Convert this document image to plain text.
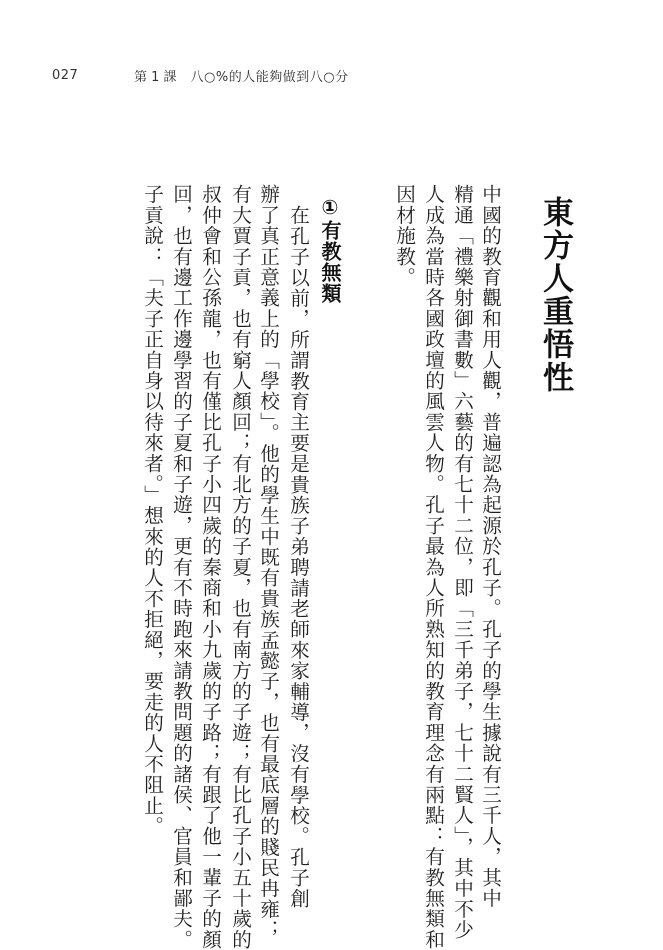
027	第 1 課 八○%的人能夠做到八○分
東方人重悟性
中國的教育觀和用人觀，普遍認為起源於孔子。孔子的學生據說有三千人，其中
精通「禮樂射御書數」六藝的有七十二位，即「三千弟子，七十二賢人」，其中不少
人成為當時各國政壇的風雲人物。孔子最為人所熟知的教育理念有兩點：有教無類和
因材施教。
①有教無類
在孔子以前，所謂教育主要是貴族子弟聘請老師來家輔導，沒有學校。孔子創
辦了真正意義上的「學校」。他的學生中既有貴族孟懿子，也有最底層的賤民冉雍；
有大賈子貢，也有窮人顏回；有北方的子夏，也有南方的子遊；有比孔子小五十歲的
叔仲會和公孫龍，也有僅比孔子小四歲的秦商和小九歲的子路；有跟了他一輩子的顏
回，也有邊工作邊學習的子夏和子遊，更有不時跑來請教問題的諸侯、官員和鄙夫。
子貢說：「夫子正自身以待來者。」想來的人不拒絕，要走的人不阻止。
